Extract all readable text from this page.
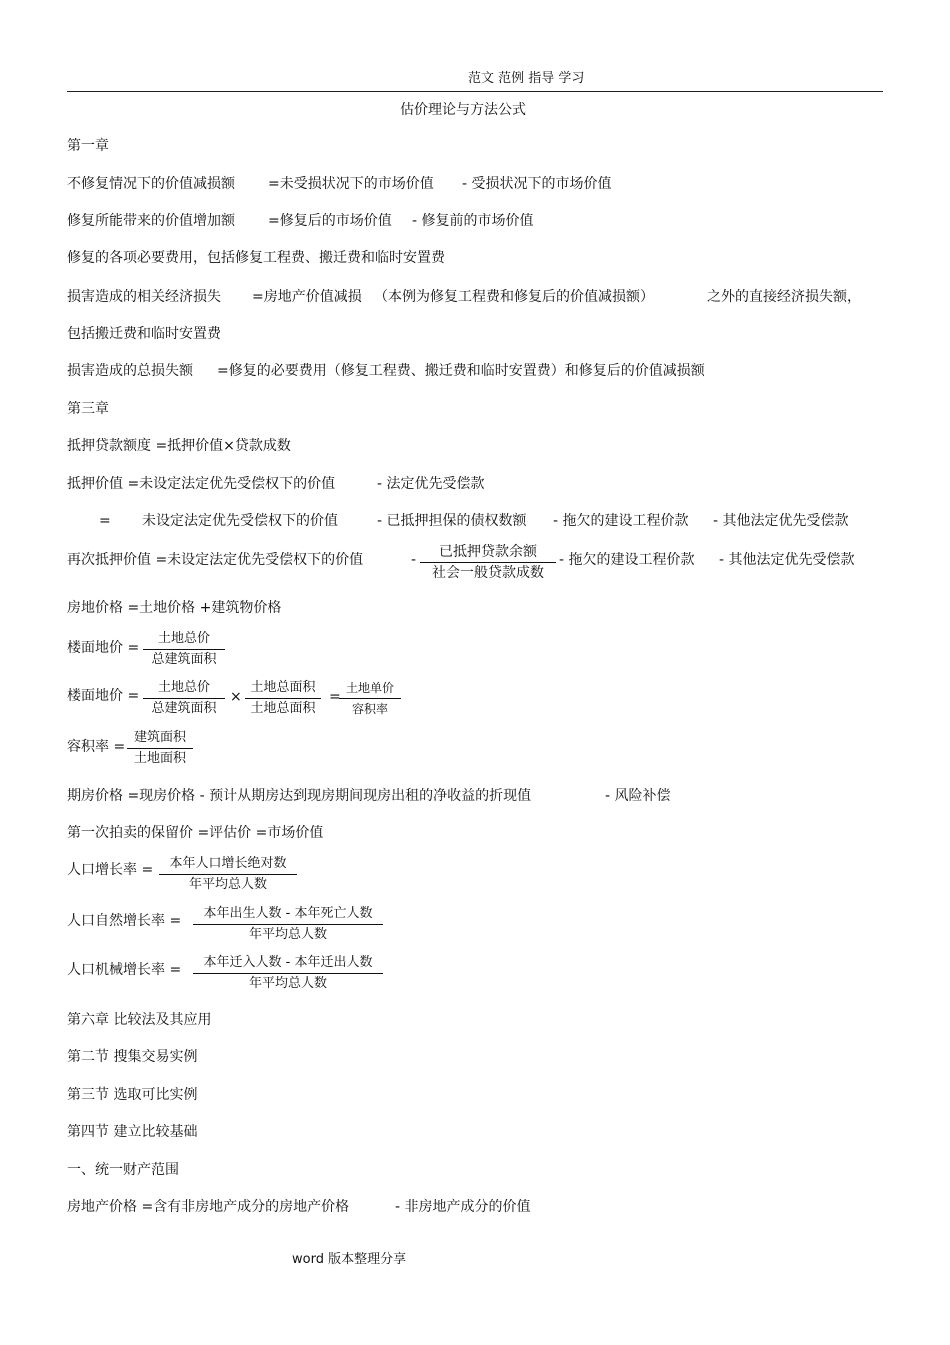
范文 范例 指导 学习
估价理论与方法公式
第一章
不修复情况下的价值减损额 =未受损状况下的市场价值 - 受损状况下的市场价值
修复所能带来的价值增加额 =修复后的市场价值 - 修复前的市场价值
修复的各项必要费用，包括修复工程费、搬迁费和临时安置费
损害造成的相关经济损失 =房地产价值减损 （本例为修复工程费和修复后的价值减损额）	之外的直接经济损失额，
包括搬迁费和临时安置费
损害造成的总损失额 =修复的必要费用（修复工程费、搬迁费和临时安置费）和修复后的价值减损额
第三章
抵押贷款额度 =抵押价值×贷款成数
抵押价值 =未设定法定优先受偿权下的价值	- 法定优先受偿款
= 未设定法定优先受偿权下的价值	- 已抵押担保的债权数额 - 拖欠的建设工程价款 - 其他法定优先受偿款
再次抵押价值 =未设定法定优先受偿权下的价值	-	已抵押贷款余额
社会一般贷款成数
- 拖欠的建设工程价款 - 其他法定优先受偿款
房地价格 =土地价格 +建筑物价格
楼面地价 =
土地总价
总建筑面积
楼面地价 =
土地总价
总建筑面积
×
土地总面积
土地总面积
=
土地单价
容积率
容积率 =
建筑面积
土地面积
期房价格 =现房价格 - 预计从期房达到现房期间现房出租的净收益的折现值	- 风险补偿
第一次拍卖的保留价 =评估价 =市场价值
人口增长率 =	本年人口增长绝对数
年平均总人数
人口自然增长率 =	本年出生人数 - 本年死亡人数
年平均总人数
人口机械增长率 =	本年迁入人数 - 本年迁出人数
年平均总人数
第六章 比较法及其应用
第二节 搜集交易实例
第三节 选取可比实例
第四节 建立比较基础
一、统一财产范围
房地产价格 =含有非房地产成分的房地产价格	- 非房地产成分的价值
word 版本整理分享
